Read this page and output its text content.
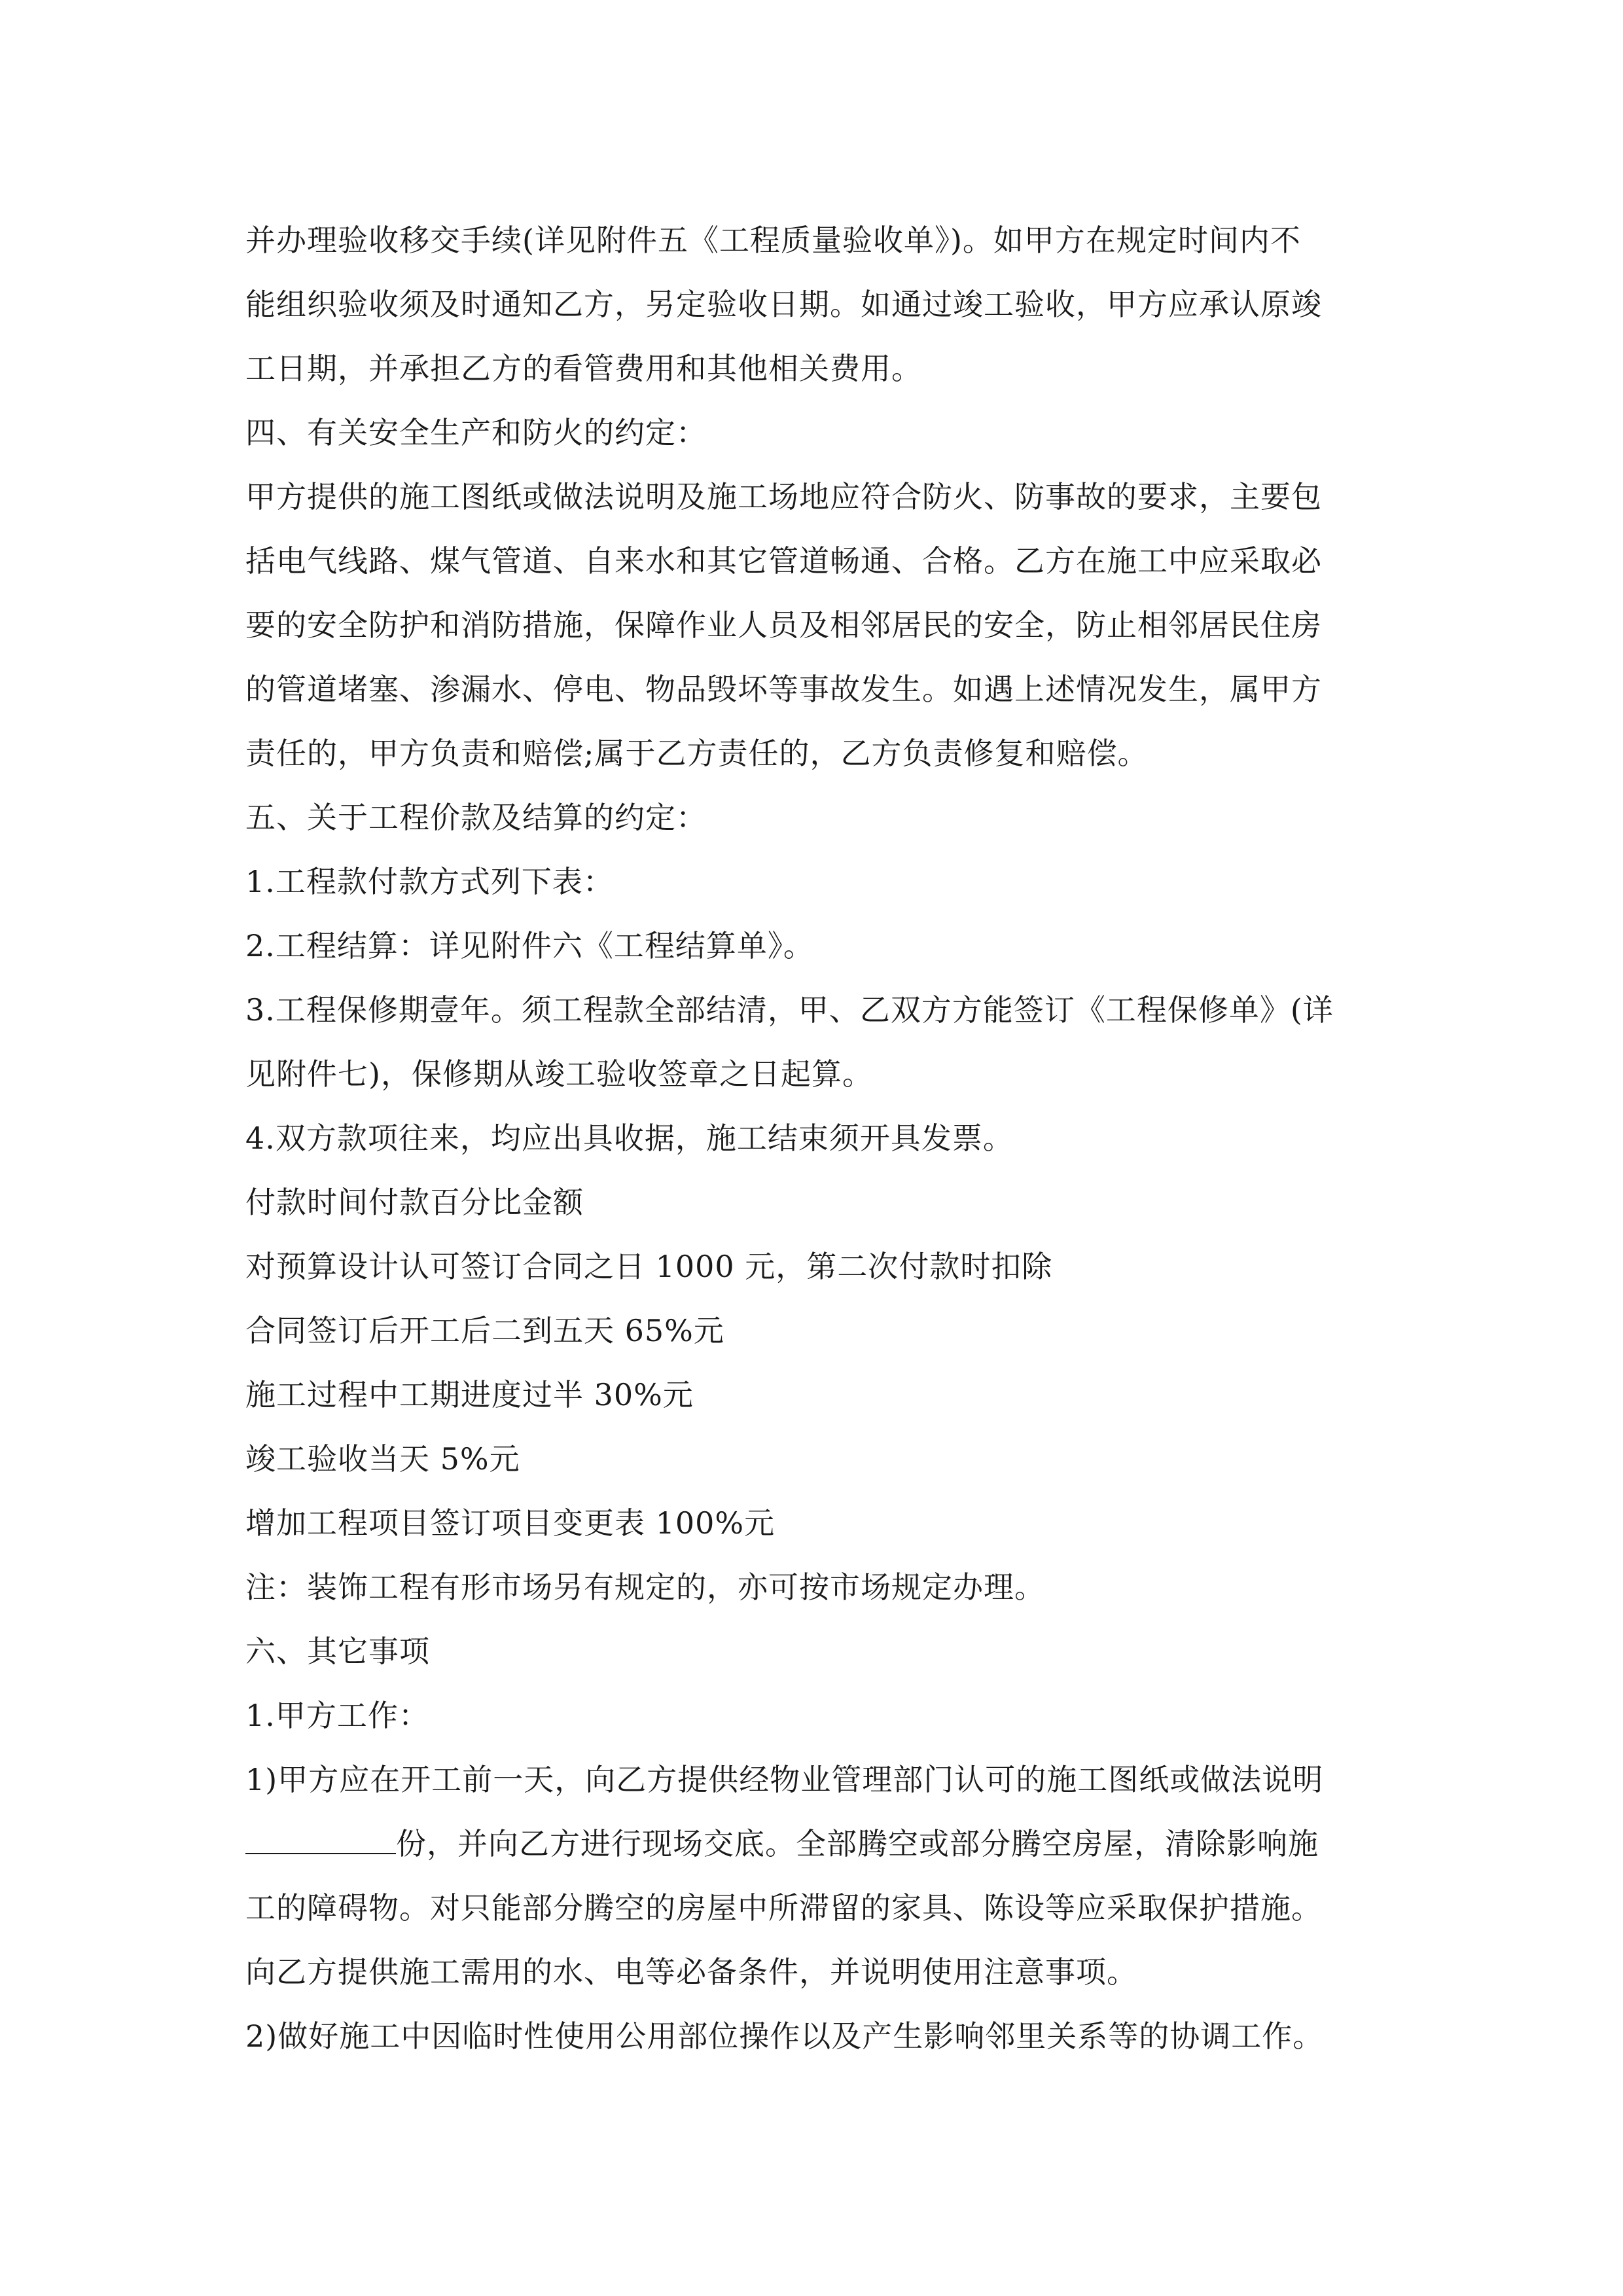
并办理验收移交手续(详见附件五《工程质量验收单》)。如甲方在规定时间内不
能组织验收须及时通知乙方，另定验收日期。如通过竣工验收，甲方应承认原竣
工日期，并承担乙方的看管费用和其他相关费用。
四、有关安全生产和防火的约定：
甲方提供的施工图纸或做法说明及施工场地应符合防火、防事故的要求，主要包
括电气线路、煤气管道、自来水和其它管道畅通、合格。乙方在施工中应采取必
要的安全防护和消防措施，保障作业人员及相邻居民的安全，防止相邻居民住房
的管道堵塞、渗漏水、停电、物品毁坏等事故发生。如遇上述情况发生，属甲方
责任的，甲方负责和赔偿;属于乙方责任的，乙方负责修复和赔偿。
五、关于工程价款及结算的约定：
1.工程款付款方式列下表：
2.工程结算：详见附件六《工程结算单》。
3.工程保修期壹年。须工程款全部结清，甲、乙双方方能签订《工程保修单》(详
见附件七)，保修期从竣工验收签章之日起算。
4.双方款项往来，均应出具收据，施工结束须开具发票。
付款时间付款百分比金额
对预算设计认可签订合同之日 1000 元，第二次付款时扣除
合同签订后开工后二到五天 65%元
施工过程中工期进度过半 30%元
竣工验收当天 5%元
增加工程项目签订项目变更表 100%元
注：装饰工程有形市场另有规定的，亦可按市场规定办理。
六、其它事项
1.甲方工作：
1)甲方应在开工前一天，向乙方提供经物业管理部门认可的施工图纸或做法说明
份，并向乙方进行现场交底。全部腾空或部分腾空房屋，清除影响施
工的障碍物。对只能部分腾空的房屋中所滞留的家具、陈设等应采取保护措施。
向乙方提供施工需用的水、电等必备条件，并说明使用注意事项。
2)做好施工中因临时性使用公用部位操作以及产生影响邻里关系等的协调工作。
